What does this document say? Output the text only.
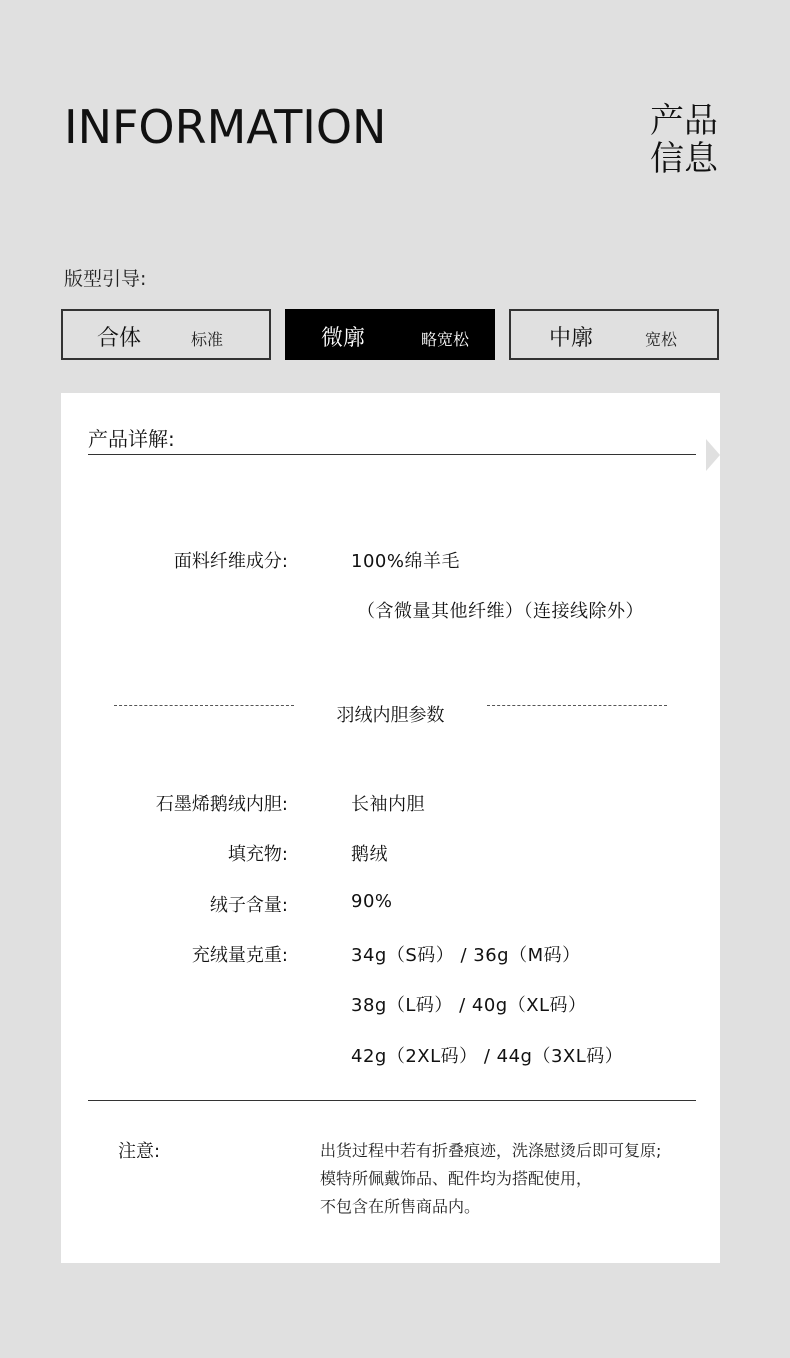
INFORMATION	产品
信息
版型引导:
合体	标准	微廓	略宽松	中廓	宽松
产品详解:
面料纤维成分:	100%绵羊毛
（含微量其他纤维）（连接线除外）
羽绒内胆参数
石墨烯鹅绒内胆:	长袖内胆
填充物:	鹅绒
绒子含量:	90%
充绒量克重:	34g（S码） / 36g（M码）
38g（L码） / 40g（XL码）
42g（2XL码） / 44g（3XL码）
注意:	出货过程中若有折叠痕迹，洗涤慰烫后即可复原;
模特所佩戴饰品、配件均为搭配使用，
不包含在所售商品内。
